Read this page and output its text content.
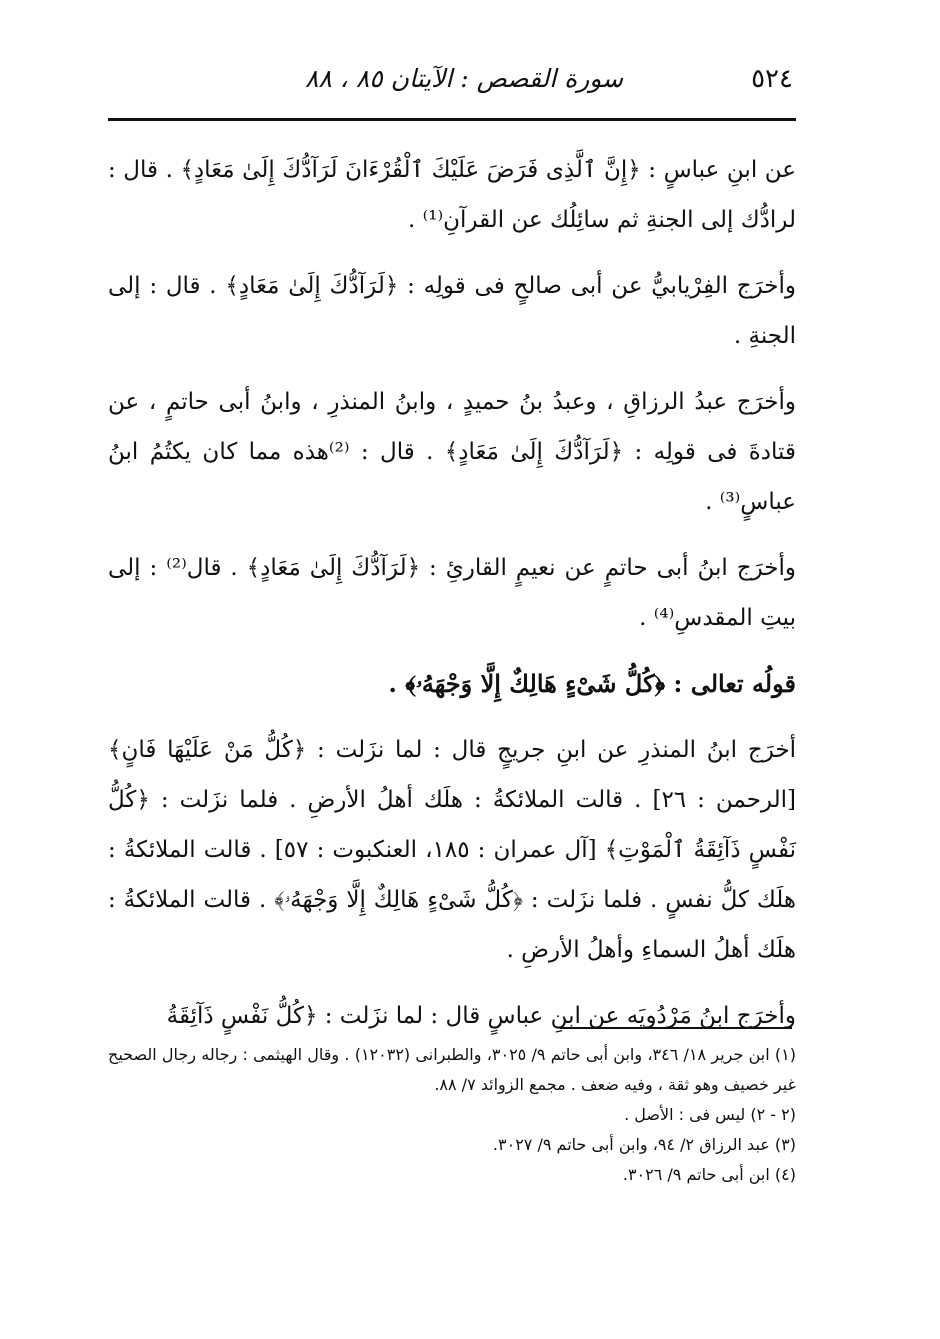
٥٢٤
سورة القصص : الآيتان ٨٥ ، ٨٨

عن ابنِ عباسٍ : ﴿إِنَّ ٱلَّذِى فَرَضَ عَلَيْكَ ٱلْقُرْءَانَ لَرَآدُّكَ إِلَىٰ مَعَادٍ﴾ . قال : لرادُّك إلى الجنةِ ثم سائِلُك عن القرآنِ⁽¹⁾ .

وأخرَج الفِرْيابيُّ عن أبى صالحٍ فى قولِه : ﴿لَرَآدُّكَ إِلَىٰ مَعَادٍ﴾ . قال : إلى الجنةِ .

وأخرَج عبدُ الرزاقِ ، وعبدُ بنُ حميدٍ ، وابنُ المنذرِ ، وابنُ أبى حاتمٍ ، عن قتادةَ فى قولِه : ﴿لَرَآدُّكَ إِلَىٰ مَعَادٍ﴾ . قال : ⁽²⁾هذه مما كان يكتُمُ ابنُ عباسٍ⁽³⁾ .

وأخرَج ابنُ أبى حاتمٍ عن نعيمٍ القارئِ : ﴿لَرَآدُّكَ إِلَىٰ مَعَادٍ﴾ . قال⁽²⁾ : إلى بيتِ المقدسِ⁽⁴⁾ .

قولُه تعالى : ﴿كُلُّ شَىْءٍ هَالِكٌ إِلَّا وَجْهَهُۥ﴾ .

أخرَج ابنُ المنذرِ عن ابنِ جريجٍ قال : لما نزَلت : ﴿كُلُّ مَنْ عَلَيْهَا فَانٍ﴾ [الرحمن : ٢٦] . قالت الملائكةُ : هلَك أهلُ الأرضِ . فلما نزَلت : ﴿كُلُّ نَفْسٍ ذَآئِقَةُ ٱلْمَوْتِ﴾ [آل عمران : ١٨٥، العنكبوت : ٥٧] . قالت الملائكةُ : هلَك كلُّ نفسٍ . فلما نزَلت : ﴿كُلُّ شَىْءٍ هَالِكٌ إِلَّا وَجْهَهُۥ﴾ . قالت الملائكةُ : هلَك أهلُ السماءِ وأهلُ الأرضِ .

وأخرَج ابنُ مَرْدُويَه عن ابنِ عباسٍ قال : لما نزَلت : ﴿كُلُّ نَفْسٍ ذَآئِقَةُ

(١) ابن جرير ١٨/ ٣٤٦، وابن أبى حاتم ٩/ ٣٠٢٥، والطبرانى (١٢٠٣٢) . وقال الهيثمى : رجاله رجال الصحيح غير خصيف وهو ثقة ، وفيه ضعف . مجمع الزوائد ٧/ ٨٨.

(٢ - ٢) ليس فى : الأصل .

(٣) عبد الرزاق ٢/ ٩٤، وابن أبى حاتم ٩/ ٣٠٢٧.

(٤) ابن أبى حاتم ٩/ ٣٠٢٦.
